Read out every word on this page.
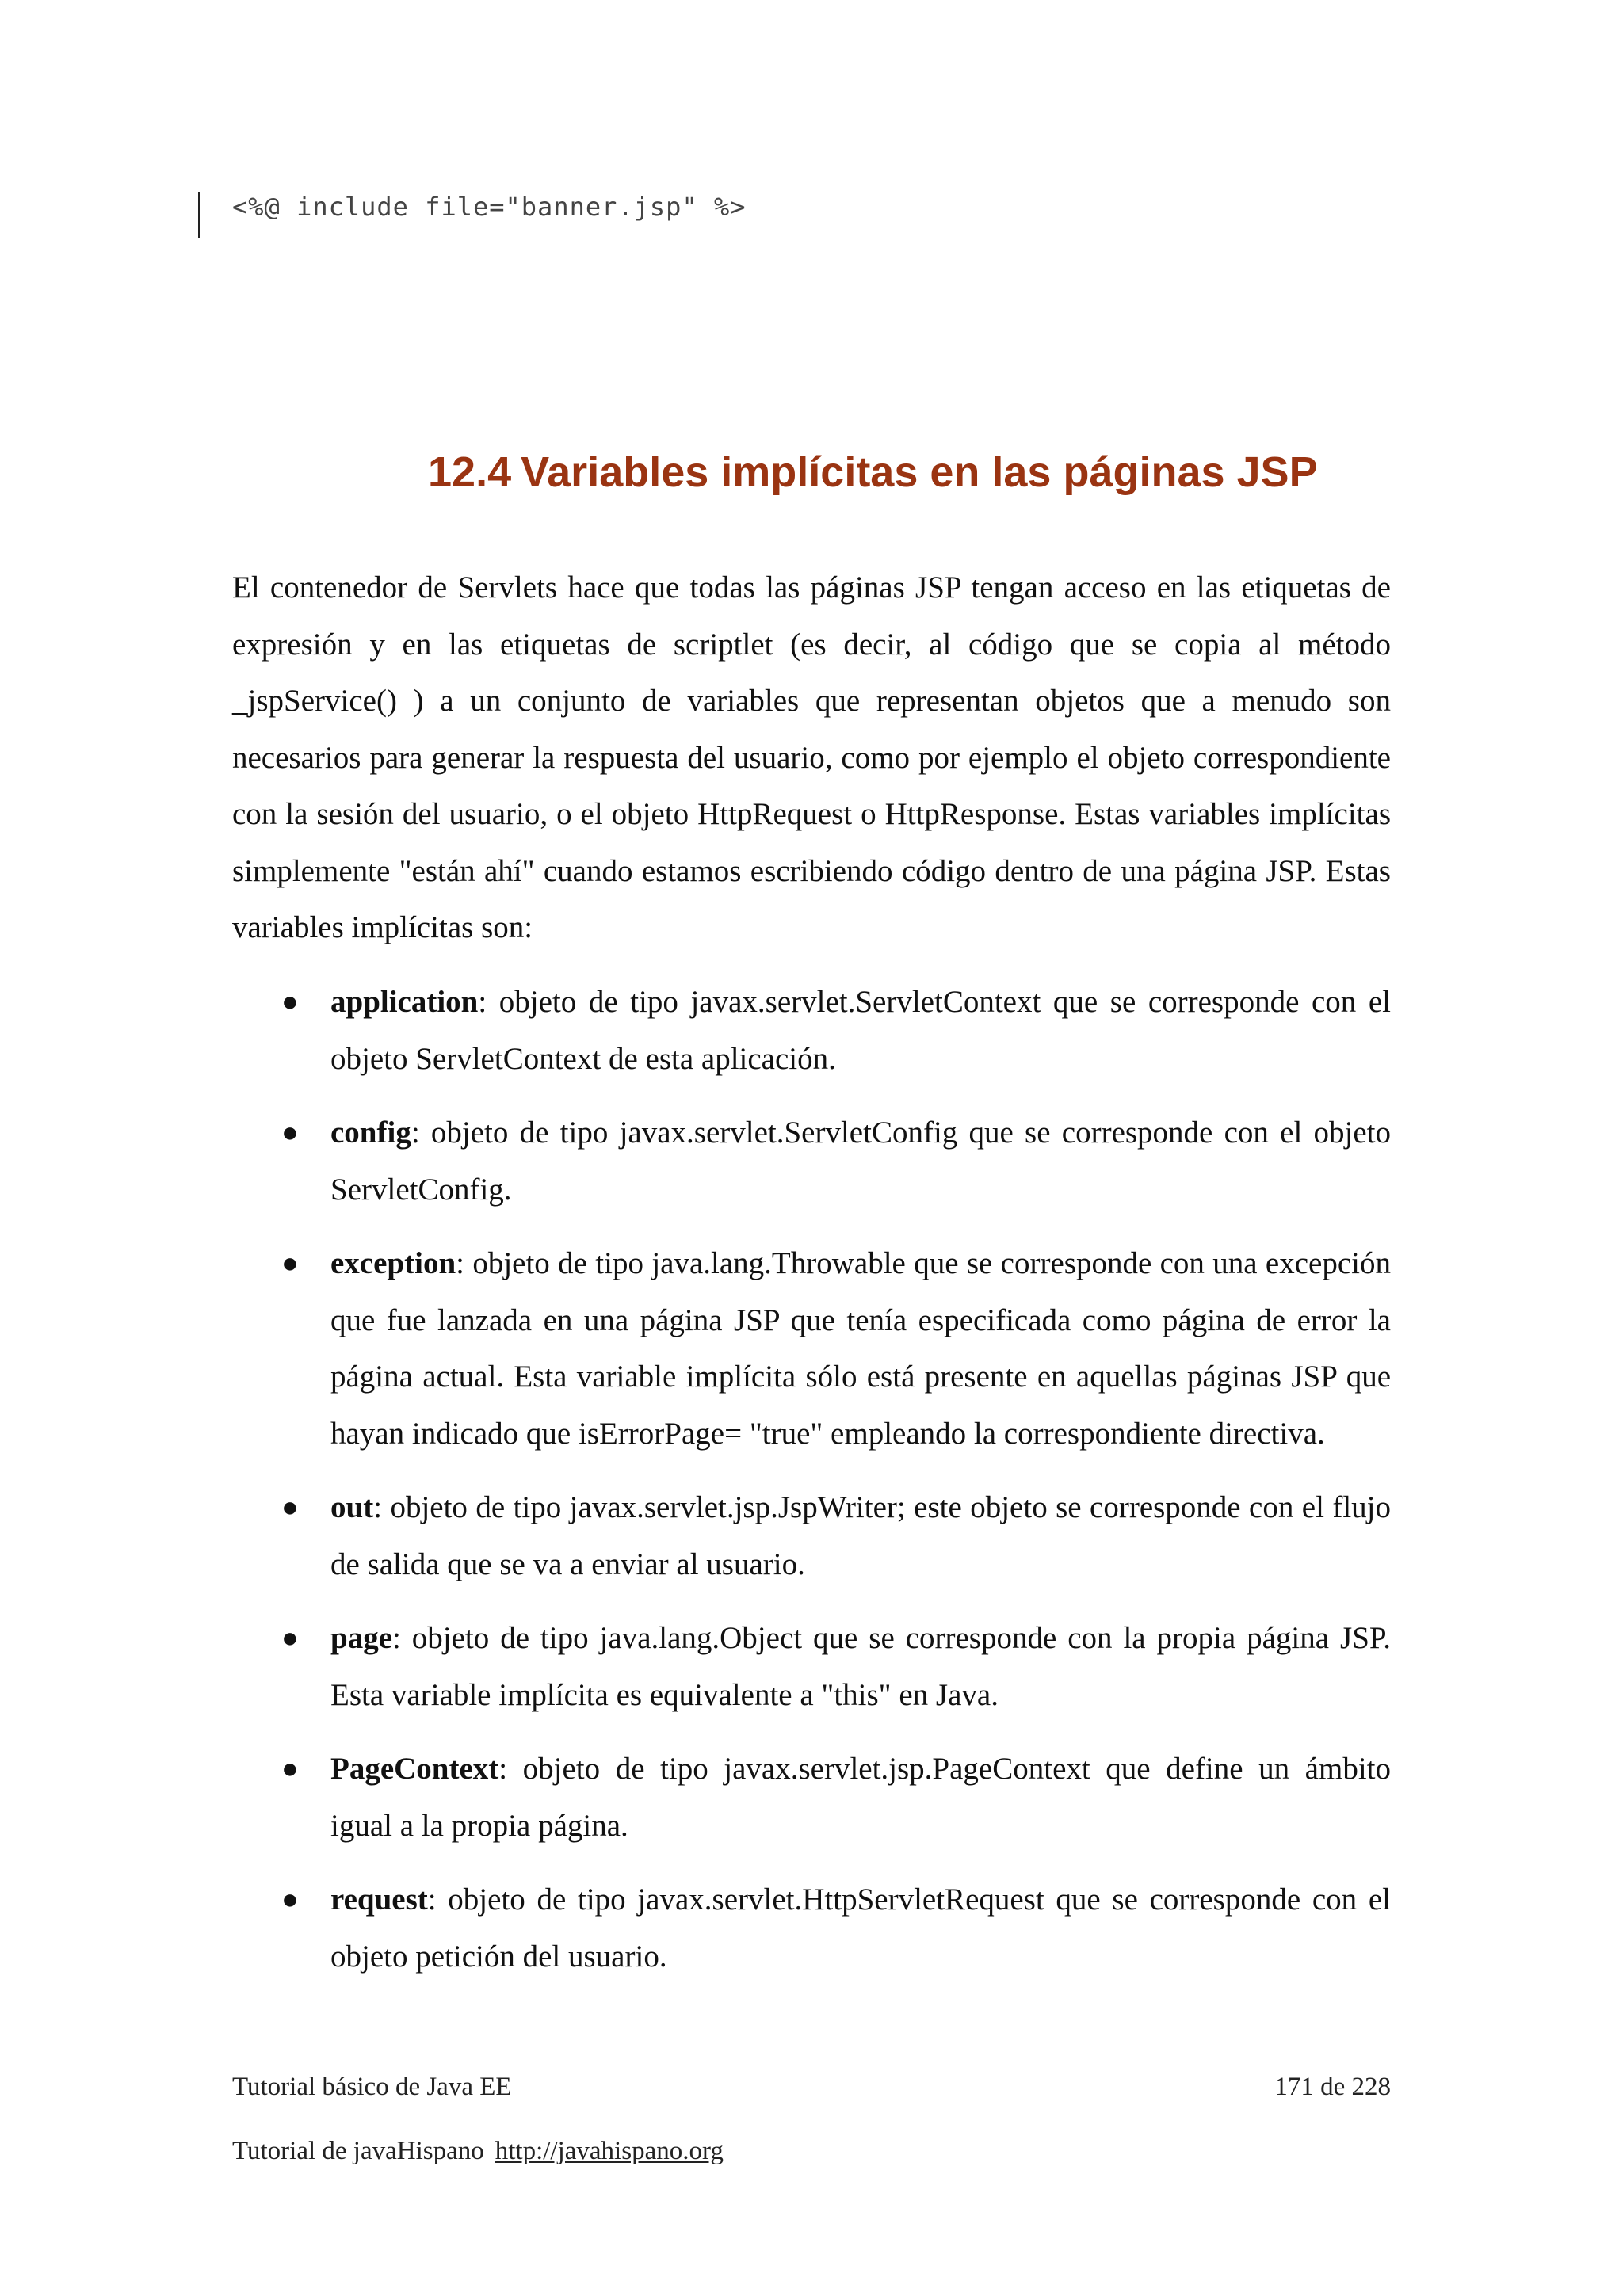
<%@ include file="banner.jsp" %>
12.4 Variables implícitas en las páginas JSP

El contenedor de Servlets hace que todas las páginas JSP tengan acceso en las etiquetas de expresión y en las etiquetas de scriptlet (es decir, al código que se copia al método _jspService() ) a un conjunto de variables que representan objetos que a menudo son necesarios para generar la respuesta del usuario, como por ejemplo el objeto correspondiente con la sesión del usuario, o el objeto HttpRequest o HttpResponse. Estas variables implícitas simplemente "están ahí" cuando estamos escribiendo código dentro de una página JSP. Estas variables implícitas son:

● application: objeto de tipo javax.servlet.ServletContext que se corresponde con el objeto ServletContext de esta aplicación.
● config: objeto de tipo javax.servlet.ServletConfig que se corresponde con el objeto ServletConfig.
● exception: objeto de tipo java.lang.Throwable que se corresponde con una excepción que fue lanzada en una página JSP que tenía especificada como página de error la página actual. Esta variable implícita sólo está presente en aquellas páginas JSP que hayan indicado que isErrorPage= "true" empleando la correspondiente directiva.
● out: objeto de tipo javax.servlet.jsp.JspWriter; este objeto se corresponde con el flujo de salida que se va a enviar al usuario.
● page: objeto de tipo java.lang.Object que se corresponde con la propia página JSP. Esta variable implícita es equivalente a "this" en Java.
● PageContext: objeto de tipo javax.servlet.jsp.PageContext que define un ámbito igual a la propia página.
● request: objeto de tipo javax.servlet.HttpServletRequest que se corresponde con el objeto petición del usuario.
Tutorial básico de Java EE	171 de 228
Tutorial de javaHispano http://javahispano.org
